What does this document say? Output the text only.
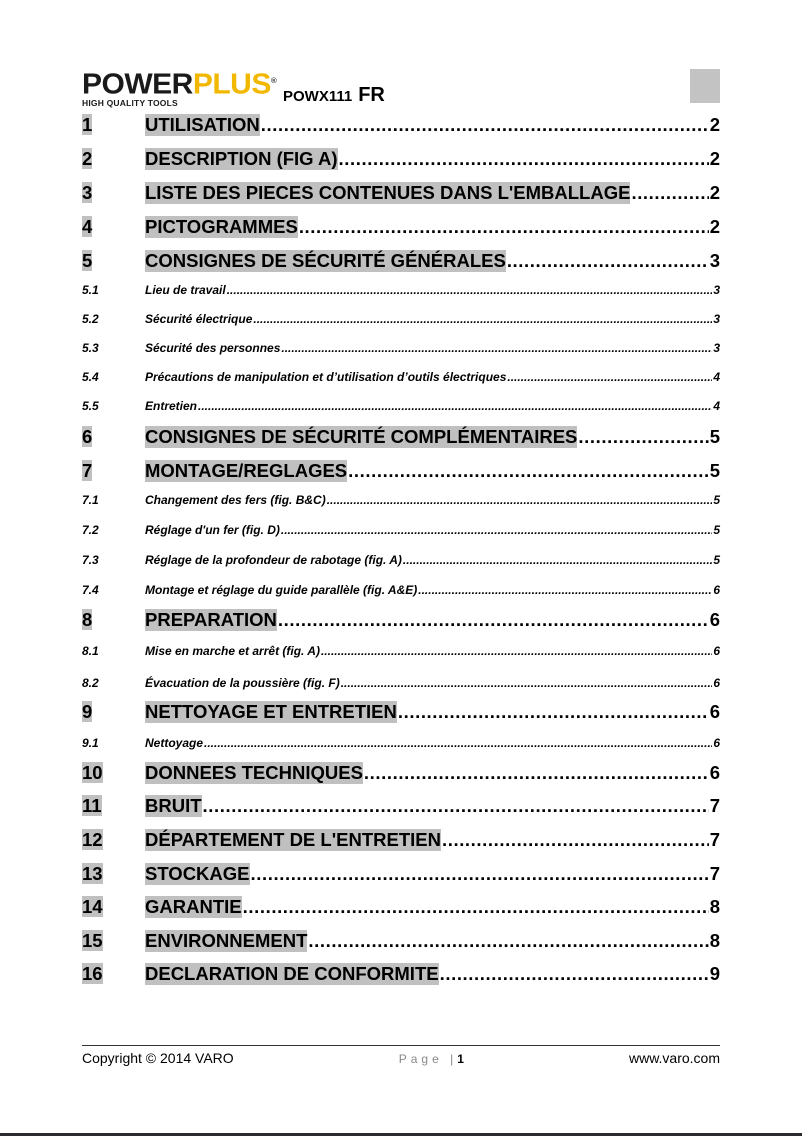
POWERPLUS®
HIGH QUALITY TOOLS	POWX111 FR
1	UTILISATION .....	2
2	DESCRIPTION (FIG A) .....	2
3	LISTE DES PIECES CONTENUES DANS L'EMBALLAGE .....	2
4	PICTOGRAMMES .....	2
5	CONSIGNES DE SÉCURITÉ GÉNÉRALES .....	3
5.1	Lieu de travail .....	3
5.2	Sécurité électrique .....	3
5.3	Sécurité des personnes .....	3
5.4	Précautions de manipulation et d’utilisation d’outils électriques .....	4
5.5	Entretien .....	4
6	CONSIGNES DE SÉCURITÉ COMPLÉMENTAIRES .....	5
7	MONTAGE/REGLAGES .....	5
7.1	Changement des fers (fig. B&C) .....	5
7.2	Réglage d'un fer (fig. D) .....	5
7.3	Réglage de la profondeur de rabotage (fig. A) .....	5
7.4	Montage et réglage du guide parallèle (fig. A&E) .....	6
8	PREPARATION .....	6
8.1	Mise en marche et arrêt (fig. A) .....	6
8.2	Évacuation de la poussière (fig. F) .....	6
9	NETTOYAGE ET ENTRETIEN .....	6
9.1	Nettoyage .....	6
10	DONNEES TECHNIQUES .....	6
11	BRUIT .....	7
12	DÉPARTEMENT DE L'ENTRETIEN .....	7
13	STOCKAGE .....	7
14	GARANTIE .....	8
15	ENVIRONNEMENT .....	8
16	DECLARATION DE CONFORMITE .....	9
Copyright © 2014 VARO	Page |1	www.varo.com
